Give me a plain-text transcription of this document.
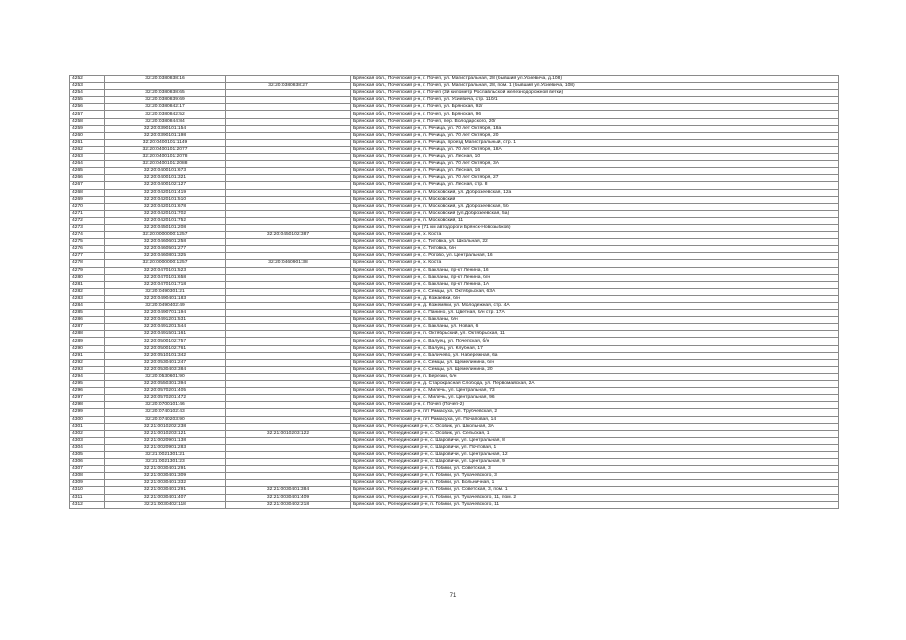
4252	32:20:0380838:16		Брянская обл., Почепский р-н, г. Почеп, ул. Магистральная, 28 (бывший ул.Усиевича, д.108)
4253		32:20:0380838:27	Брянская обл., Почепский р-н, г. Почеп, ул. Магистральная, 28, пом. 1 (бывший ул.Усиевича, 108)
4254	32:20:0380838:65		Брянская обл., Почепский р-н, г. Почеп (3й километр Рославльской железнодорожной ветки)
4255	32:20:0380839:69		Брянская обл., Почепский р-н, г. Почеп, ул. Усиевича, стр. 110/1
4256	32:20:0380842:17		Брянская обл., Почепский р-н, г. Почеп, ул. Брянская, 92г
4257	32:20:0380842:52		Брянская обл., Почепский р-н, г. Почеп, ул. Брянская, 96
4258	32:20:0380844:84		Брянская обл., Почепский р-н, г. Почеп, пер. Володарского, 20г
4259	32:20:0390101:154		Брянская обл., Почепский р-н, п. Речица, ул. 70 лет Октября, 18а
4260	32:20:0390101:198		Брянская обл., Почепский р-н, п. Речица, ул. 70 лет Октября, 20
4261	32:20:0400101:1149		Брянская обл., Почепский р-н, п. Речица, проезд Магистральный, стр. 1
4262	32:20:0400101:2077		Брянская обл., Почепский р-н, п. Речица, ул. 70 лет Октября, 18А
4263	32:20:0400101:2078		Брянская обл., Почепский р-н, п. Речица, ул. Лесная, 10
4264	32:20:0400101:2088		Брянская обл., Почепский р-н, п. Речица, ул. 70 лет Октября, 3А
4265	32:20:0400101:673		Брянская обл., Почепский р-н, п. Речица, ул. Лесная, 16
4266	32:20:0400101:321		Брянская обл., Почепский р-н, п. Речица, ул. 70 лет Октября, 27
4267	32:20:0400102:127		Брянская обл., Почепский р-н, п. Речица, ул. Лесная, стр. 8
4268	32:20:0420101:419		Брянская обл., Почепский р-н, п. Московский, ул. Доброзеевская, 12а
4269	32:20:0420101:510		Брянская обл., Почепский р-н, п. Московский
4270	32:20:0420101:678		Брянская обл., Почепский р-н, п. Московский, ул. Доброзеевская, 5б
4271	32:20:0420101:702		Брянская обл., Почепский р-н, п. Московский (ул.Доброзеевская, 5а)
4272	32:20:0420101:752		Брянская обл., Почепский р-н, п. Московский, 11
4273	32:20:0450101:208		Брянская обл., Почепский р-н (71 км автодороги Брянск-Новозыбков)
4274	32:20:0000000:1257	32:20:0450102:387	Брянская обл., Почепский р-н, х. Коста
4275	32:20:0460601:258		Брянская обл., Почепский р-н, с. Титовка, ул. Школьная, 22
4276	32:20:0460501:277		Брянская обл., Почепский р-н, с. Титовка, б/н
4277	32:20:0460801:325		Брянская обл., Почепский р-н, с. Рогово, ул. Центральная, 16
4278	32:20:0000000:1257	32:20:0460901:38	Брянская обл., Почепский р-н, х. Коста
4279	32:20:0470101:523		Брянская обл., Почепский р-н, с. Бакланы, пр-кт Ленина, 16
4280	32:20:0470101:658		Брянская обл., Почепский р-н, с. Бакланы, пр-кт Ленина, б/н
4281	32:20:0470101:718		Брянская обл., Почепский р-н, с. Бакланы, пр-кт Ленина, 1А
4282	32:20:0490301:21		Брянская обл., Почепский р-н, с. Семцы, ул. Октябрьская, 63А
4283	32:20:0490401:183		Брянская обл., Почепский р-н, д. Кожаевки, б/н
4284	32:20:0490402:49		Брянская обл., Почепский р-н, д. Кожемяки, ул. Молодежная, стр. 4А
4285	32:20:0490701:194		Брянская обл., Почепский р-н, с. Панино, ул. Цветная, б/н стр. 17А
4286	32:20:0491201:531		Брянская обл., Почепский р-н, с. Бакланы, б/н
4287	32:20:0491201:544		Брянская обл., Почепский р-н, с. Бакланы, ул. Новая, 6
4288	32:20:0491501:161		Брянская обл., Почепский р-н, п. Октябрьский, ул. Октябрьская, 11
4289	32:20:0500102:757		Брянская обл., Почепский р-н, с. Валуец, ул. Почепская, б/н
4290	32:20:0500102:761		Брянская обл., Почепский р-н, с. Валуец, ул. Клубная, 17
4291	32:20:0510101:342		Брянская обл., Почепский р-н, с. Баличево, ул. Набережная, 6а
4292	32:20:0530401:247		Брянская обл., Почепский р-н, с. Семцы, ул. Щемелинина, б/н
4293	32:20:0530403:384		Брянская обл., Почепский р-н, с. Семцы, ул. Щемелинина, 20
4294	32:20:0530601:90		Брянская обл., Почепский р-н, п. Березки, б/н
4295	32:20:0550301:394		Брянская обл., Почепский р-н, д. Старокрасная Слобода, ул. Первомайская, 2А
4296	32:20:0570201:405		Брянская обл., Почепский р-н, с. Милечь, ул. Центральная, 73
4297	32:20:0570201:472		Брянская обл., Почепский р-н, с. Милечь, ул. Центральная, 96
4298	32:20:0700101:46		Брянская обл., Почепский р-н, г. Почеп (Почеп-2)
4299	32:20:0740102:43		Брянская обл., Почепский р-н, п/т Рамасуха, ул. Трубчевская, 2
4300	32:20:0740203:90		Брянская обл., Почепский р-н, п/т Рамасуха, ул. Почаповая, 14
4301	32:21:0010202:238		Брянская обл., Рогнединский р-н, с. Осовик, ул. Школьная, 3А
4302	32:21:0010203:121	32:21:0010203:122	Брянская обл., Рогнединский р-н, с. Осовик, ул. Сельская, 1
4303	32:21:0020901:138		Брянская обл., Рогнединский р-н, с. Шаровичи, ул. Центральная, 8
4304	32:21:0020901:283		Брянская обл., Рогнединский р-н, с. Шаровичи, ул. Почтовая, 1
4305	32:21:0021301:21		Брянская обл., Рогнединский р-н, с. Шаровичи, ул. Центральная, 12
4306	32:21:0021301:23		Брянская обл., Рогнединский р-н, с. Шаровичи, ул. Центральная, 9
4307	32:21:0030401:291		Брянская обл., Рогнединский р-н, п. Гобики, ул. Советская, 3
4308	32:21:0030401:309		Брянская обл., Рогнединский р-н, п. Гобики, ул. Тухачевского, 3
4309	32:21:0030401:332		Брянская обл., Рогнединский р-н, п. Гобики, ул. Больничная, 1
4310	32:21:0030401:291	32:21:0030401:384	Брянская обл., Рогнединский р-н, п. Гобики, ул. Советская, 3, пом. 1
4311	32:21:0030401:407	32:21:0030401:409	Брянская обл., Рогнединский р-н, п. Гобики, ул. Тухачевского, 11, пом. 2
4312	32:21:0030402:118	32:21:0030402:218	Брянская обл., Рогнединский р-н, п. Гобики, ул. Тухачевского, 11
71
